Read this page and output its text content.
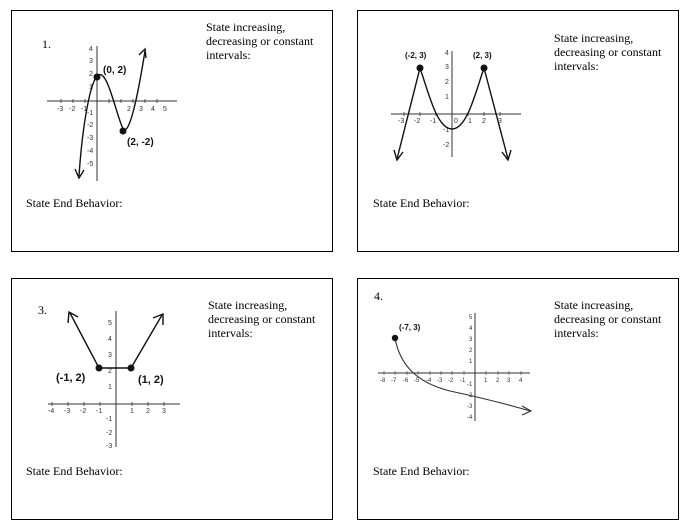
1.
State increasing, decreasing or constant intervals:
State End Behavior:
-3 -2 -1	2 3 4 5
4
3
2
1
-1
-2
-3
-4
-5
(0, 2)
(2, -2)
State increasing, decreasing or constant intervals:
State End Behavior:
-3 -2 -1	0 1 2 3
4
3
2
1
-1
-2
(-2, 3)	(2, 3)
3.	State increasing, decreasing or constant intervals:
State End Behavior:
-4 -3 -2 -1	1 2 3
5
4
3
2
1
-1
-2
-3
(-1, 2)	(1, 2)
4.
State increasing, decreasing or constant intervals:
State End Behavior:
-8 -7 -6 -5 -4 -3 -2 -1	1 2 3 4
5
4
3
2
1
-1
-2
-3
-4
(-7, 3)
